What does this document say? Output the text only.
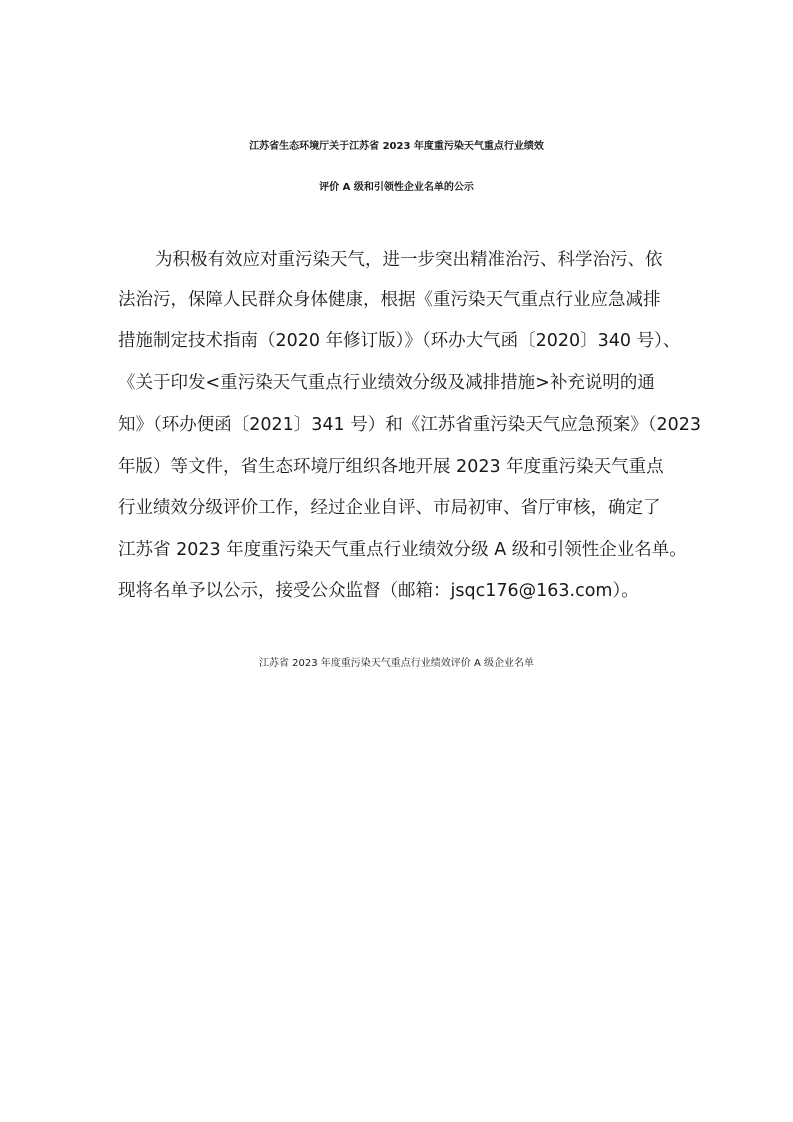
江苏省生态环境厅关于江苏省 2023 年度重污染天气重点行业绩效
评价 A 级和引领性企业名单的公示
为积极有效应对重污染天气，进一步突出精准治污、科学治污、依
法治污，保障人民群众身体健康，根据《重污染天气重点行业应急减排
措施制定技术指南（2020 年修订版）》（环办大气函〔2020〕340 号）、
《关于印发<重污染天气重点行业绩效分级及减排措施>补充说明的通
知》（环办便函〔2021〕341 号）和《江苏省重污染天气应急预案》（2023
年版）等文件，省生态环境厅组织各地开展 2023 年度重污染天气重点
行业绩效分级评价工作，经过企业自评、市局初审、省厅审核，确定了
江苏省 2023 年度重污染天气重点行业绩效分级 A 级和引领性企业名单。
现将名单予以公示，接受公众监督（邮箱：jsqc176@163.com）。
江苏省 2023 年度重污染天气重点行业绩效评价 A 级企业名单
